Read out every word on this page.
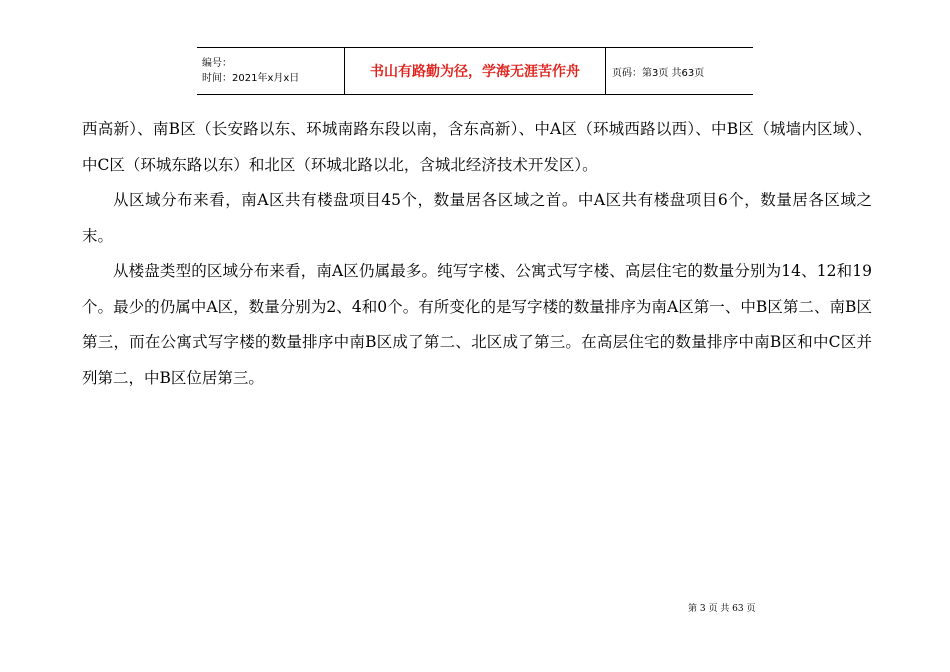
编号：
时间：2021年x月x日	书山有路勤为径，学海无涯苦作舟	页码：第3页 共63页

西高新）、南B区（长安路以东、环城南路东段以南，含东高新）、中A区（环城西路以西）、中B区（城墙内区域）、中C区（环城东路以东）和北区（环城北路以北，含城北经济技术开发区）。

从区域分布来看，南A区共有楼盘项目45个，数量居各区域之首。中A区共有楼盘项目6个，数量居各区域之末。

从楼盘类型的区域分布来看，南A区仍属最多。纯写字楼、公寓式写字楼、高层住宅的数量分别为14、12和19个。最少的仍属中A区，数量分别为2、4和0个。有所变化的是写字楼的数量排序为南A区第一、中B区第二、南B区第三，而在公寓式写字楼的数量排序中南B区成了第二、北区成了第三。在高层住宅的数量排序中南B区和中C区并列第二，中B区位居第三。

第 3 页 共 63 页
